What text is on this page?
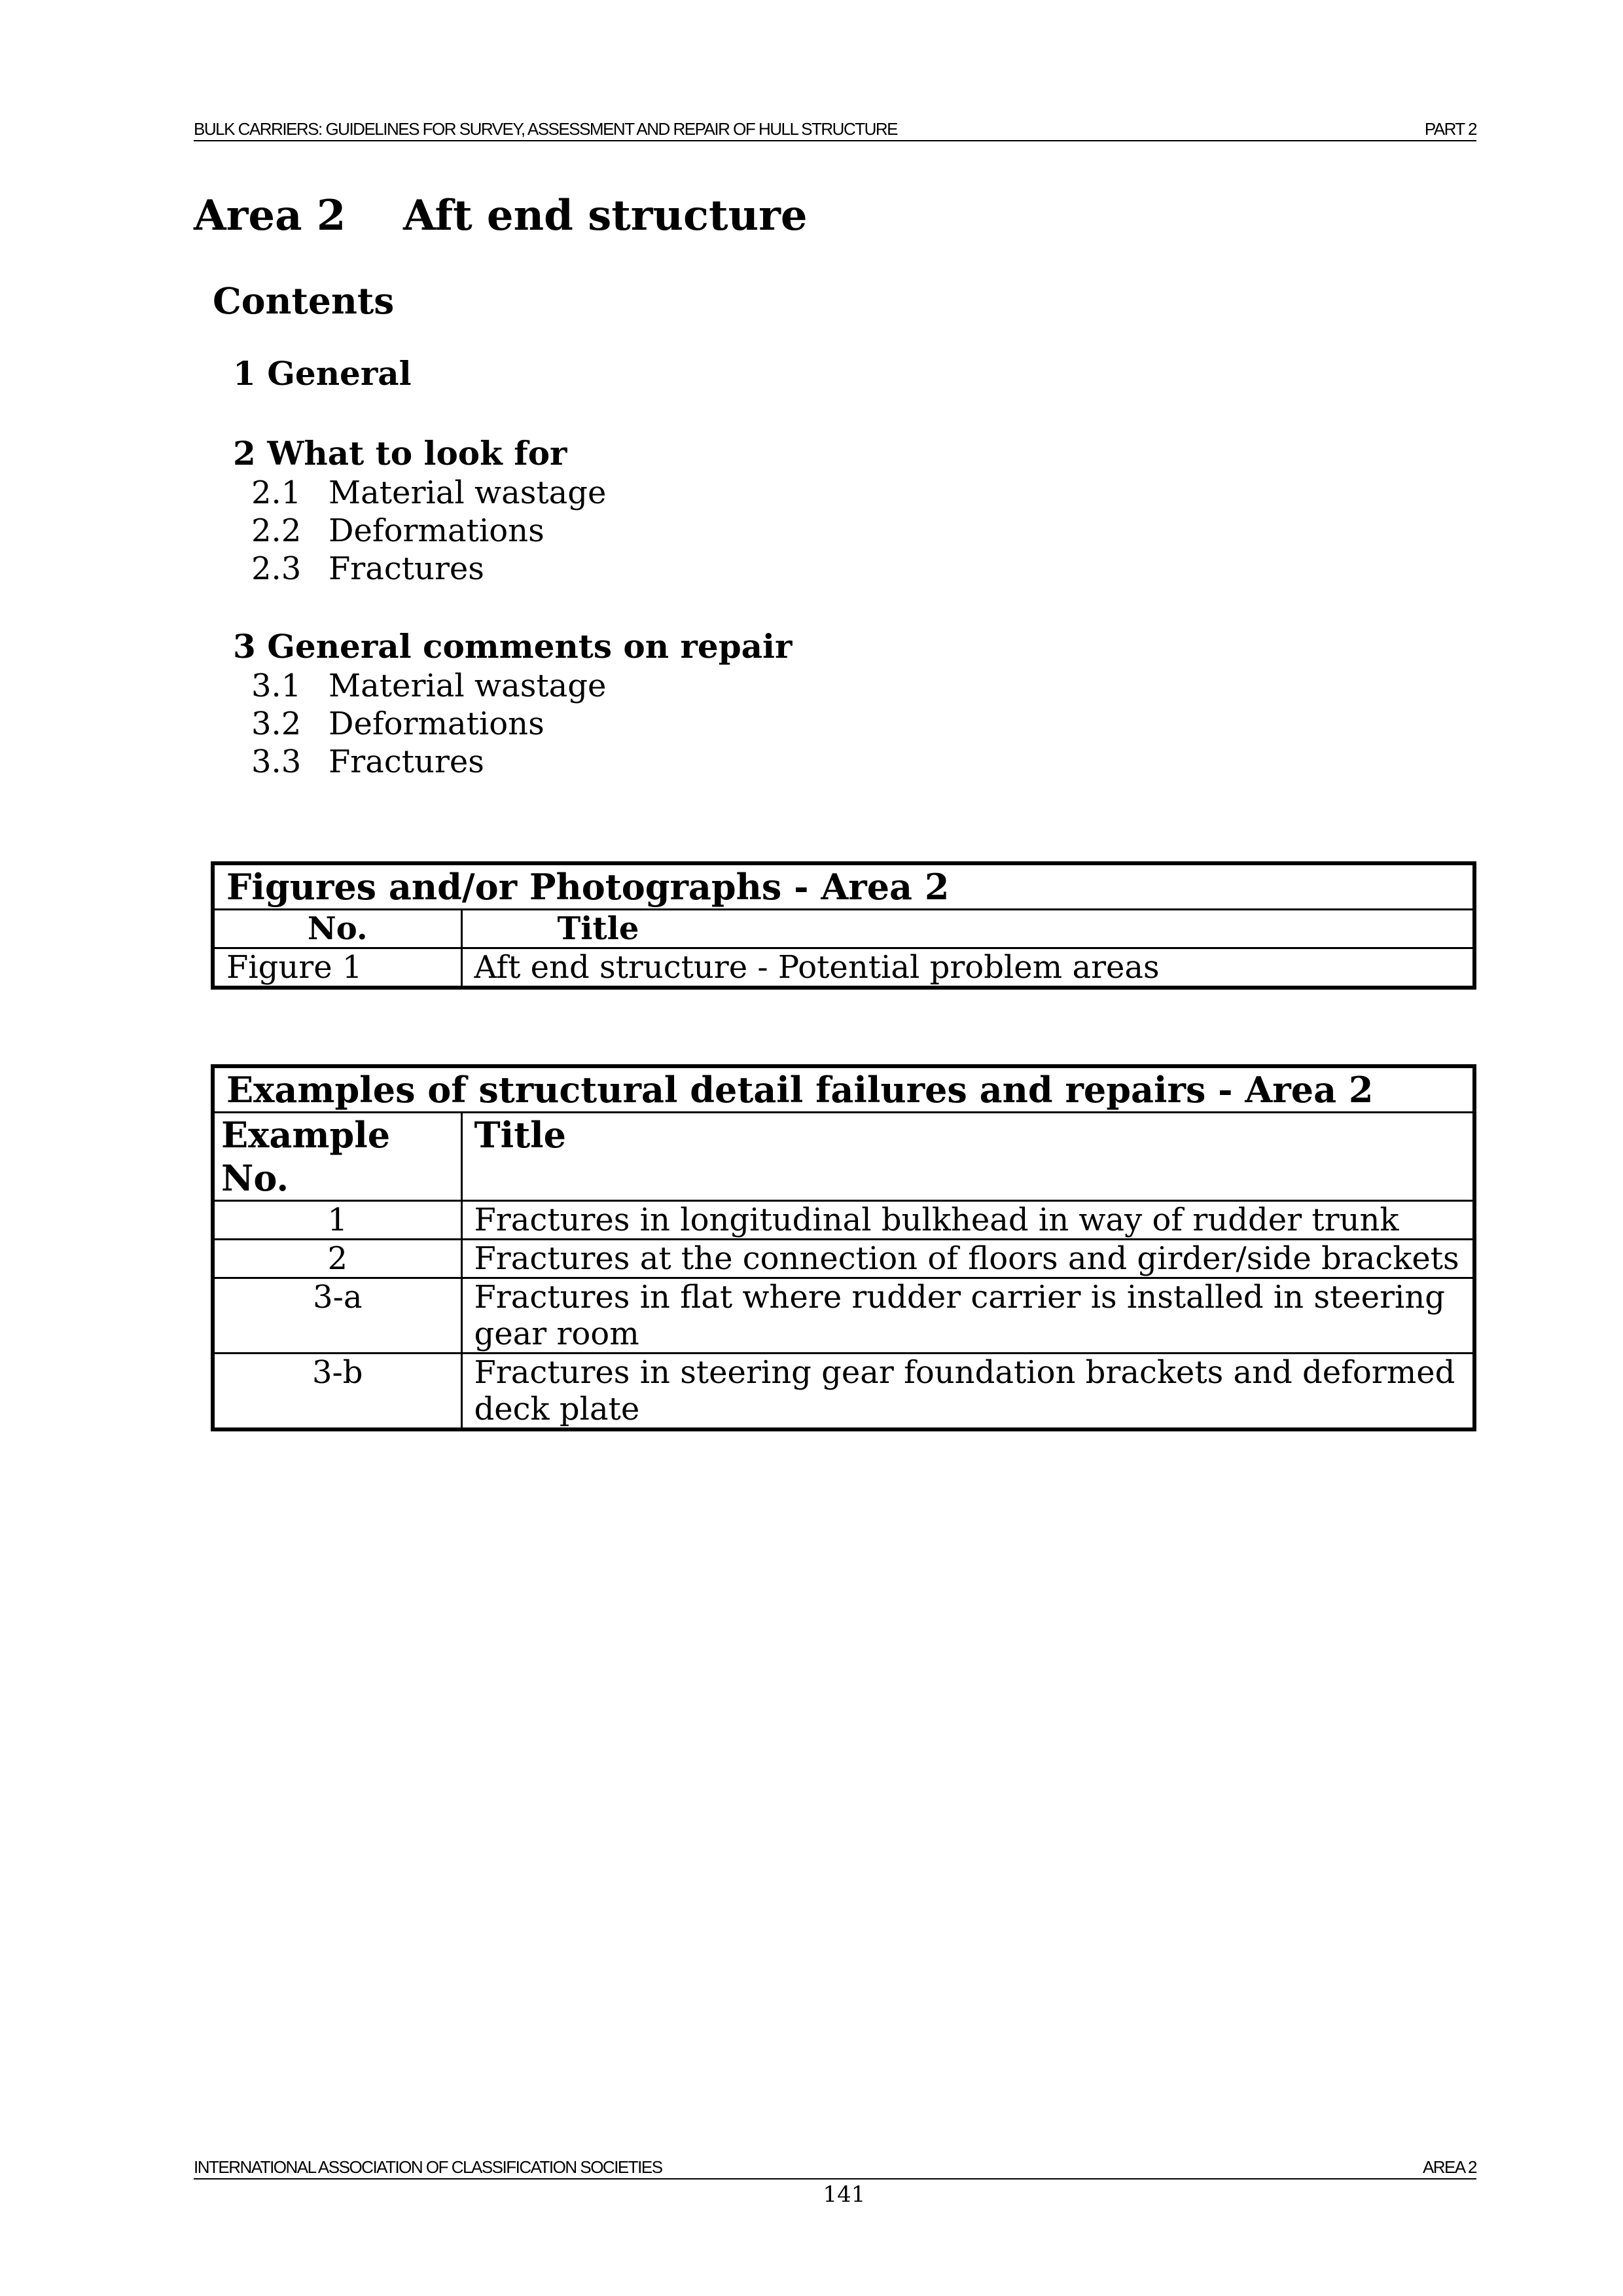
BULK CARRIERS: GUIDELINES FOR SURVEY, ASSESSMENT AND REPAIR OF HULL STRUCTURE	PART 2
Area 2 Aft end structure
Contents
1 General
2 What to look for
2.1 Material wastage
2.2 Deformations
2.3 Fractures
3 General comments on repair
3.1 Material wastage
3.2 Deformations
3.3 Fractures
Figures and/or Photographs - Area 2	
No.	Title
Figure 1	Aft end structure - Potential problem areas
Examples of structural detail failures and repairs - Area 2	
Example No.	Title
1	Fractures in longitudinal bulkhead in way of rudder trunk
2	Fractures at the connection of floors and girder/side brackets
3-a	Fractures in flat where rudder carrier is installed in steering gear room
3-b	Fractures in steering gear foundation brackets and deformed deck plate
INTERNATIONAL ASSOCIATION OF CLASSIFICATION SOCIETIES	AREA 2
141
